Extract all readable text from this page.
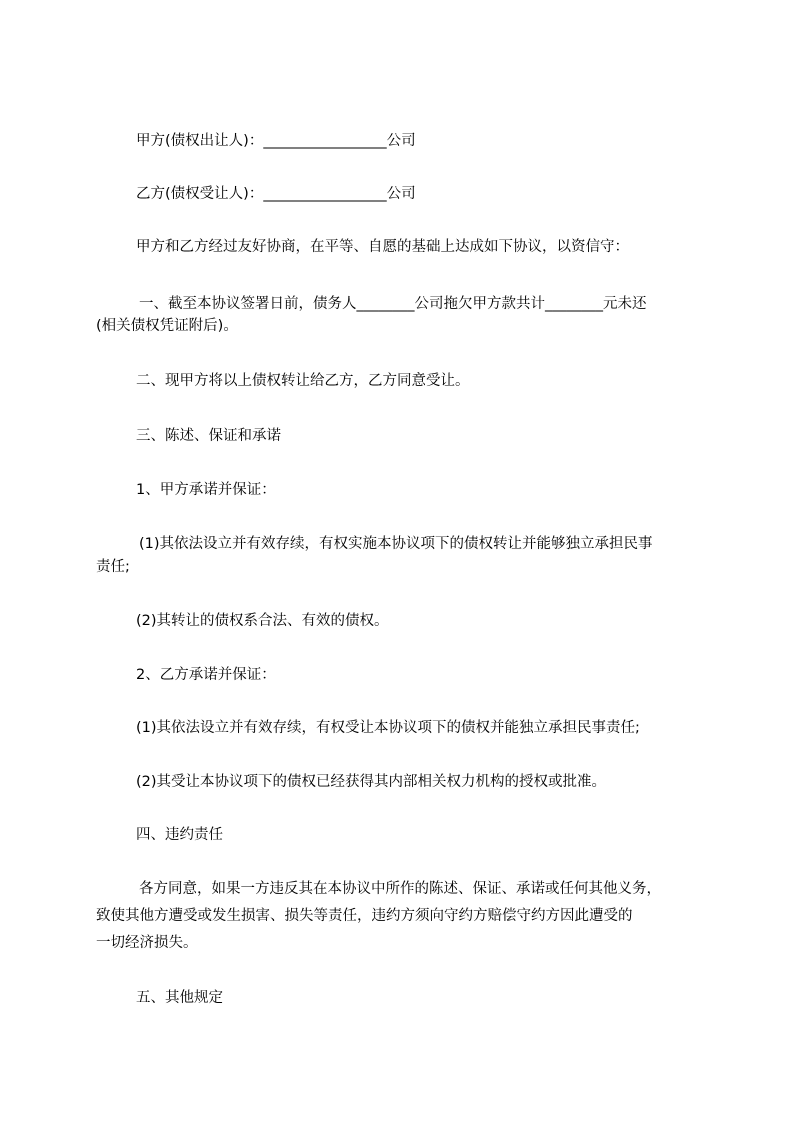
甲方(债权出让人)：_________________公司
乙方(债权受让人)：_________________公司
甲方和乙方经过友好协商，在平等、自愿的基础上达成如下协议，以资信守：
一、截至本协议签署日前，债务人________公司拖欠甲方款共计________元未还
(相关债权凭证附后)。
二、现甲方将以上债权转让给乙方，乙方同意受让。
三、陈述、保证和承诺
1、甲方承诺并保证：
(1)其依法设立并有效存续，有权实施本协议项下的债权转让并能够独立承担民事
责任;
(2)其转让的债权系合法、有效的债权。
2、乙方承诺并保证：
(1)其依法设立并有效存续，有权受让本协议项下的债权并能独立承担民事责任;
(2)其受让本协议项下的债权已经获得其内部相关权力机构的授权或批准。
四、违约责任
各方同意，如果一方违反其在本协议中所作的陈述、保证、承诺或任何其他义务，
致使其他方遭受或发生损害、损失等责任，违约方须向守约方赔偿守约方因此遭受的
一切经济损失。
五、其他规定
